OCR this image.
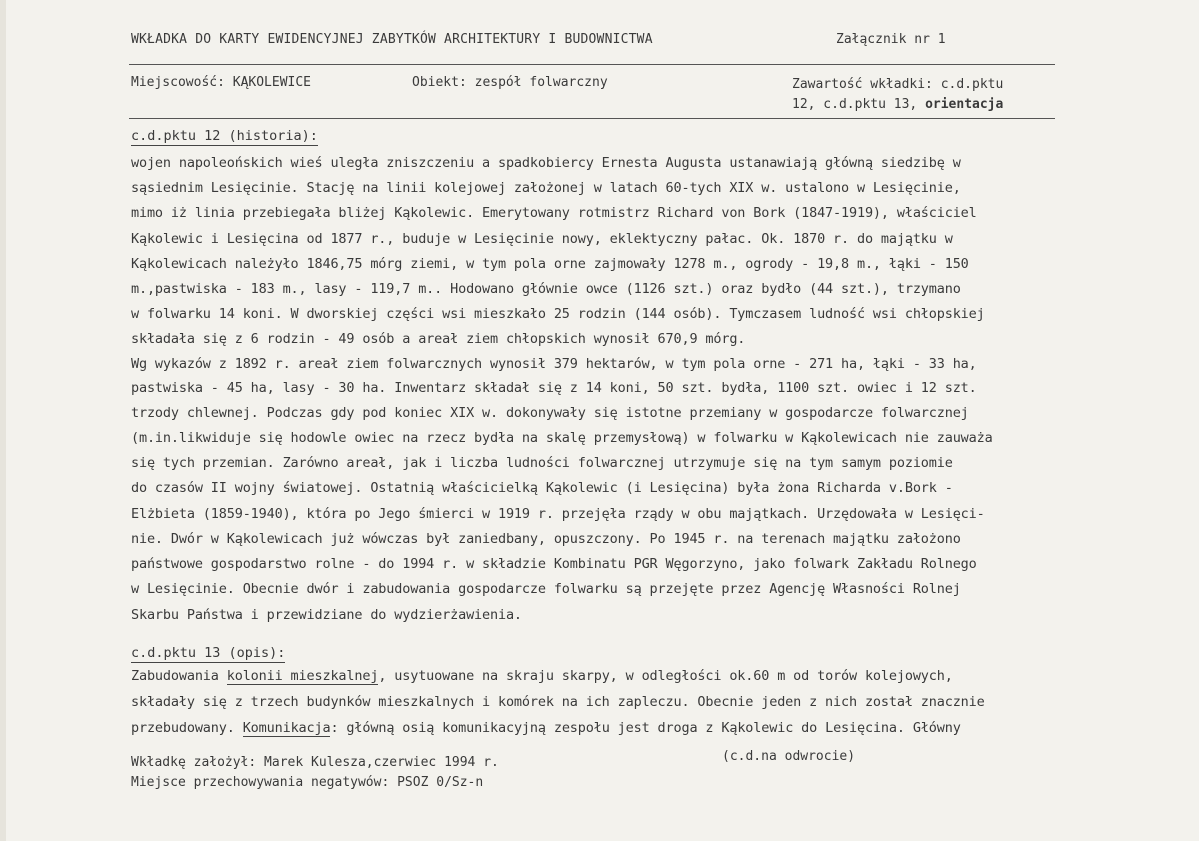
WKŁADKA DO KARTY EWIDENCYJNEJ ZABYTKÓW ARCHITEKTURY I BUDOWNICTWA	Załącznik nr 1
Miejscowość: KĄKOLEWICE	Obiekt: zespół folwarczny	Zawartość wkładki: c.d.pktu
12, c.d.pktu 13, orientacja
c.d.pktu 12 (historia):
wojen napoleońskich wieś uległa zniszczeniu a spadkobiercy Ernesta Augusta ustanawiają główną siedzibę w
sąsiednim Lesięcinie. Stację na linii kolejowej założonej w latach 60-tych XIX w. ustalono w Lesięcinie,
mimo iż linia przebiegała bliżej Kąkolewic. Emerytowany rotmistrz Richard von Bork (1847-1919), właściciel
Kąkolewic i Lesięcina od 1877 r., buduje w Lesięcinie nowy, eklektyczny pałac. Ok. 1870 r. do majątku w
Kąkolewicach należyło 1846,75 mórg ziemi, w tym pola orne zajmowały 1278 m., ogrody - 19,8 m., łąki - 150
m.,pastwiska - 183 m., lasy - 119,7 m.. Hodowano głównie owce (1126 szt.) oraz bydło (44 szt.), trzymano
w folwarku 14 koni. W dworskiej części wsi mieszkało 25 rodzin (144 osób). Tymczasem ludność wsi chłopskiej
składała się z 6 rodzin - 49 osób a areał ziem chłopskich wynosił 670,9 mórg.
Wg wykazów z 1892 r. areał ziem folwarcznych wynosił 379 hektarów, w tym pola orne - 271 ha, łąki - 33 ha,
pastwiska - 45 ha, lasy - 30 ha. Inwentarz składał się z 14 koni, 50 szt. bydła, 1100 szt. owiec i 12 szt.
trzody chlewnej. Podczas gdy pod koniec XIX w. dokonywały się istotne przemiany w gospodarcze folwarcznej
(m.in.likwiduje się hodowle owiec na rzecz bydła na skalę przemysłową) w folwarku w Kąkolewicach nie zauważa
się tych przemian. Zarówno areał, jak i liczba ludności folwarcznej utrzymuje się na tym samym poziomie
do czasów II wojny światowej. Ostatnią właścicielką Kąkolewic (i Lesięcina) była żona Richarda v.Bork -
Elżbieta (1859-1940), która po Jego śmierci w 1919 r. przejęła rządy w obu majątkach. Urzędowała w Lesięci-
nie. Dwór w Kąkolewicach już wówczas był zaniedbany, opuszczony. Po 1945 r. na terenach majątku założono
państwowe gospodarstwo rolne - do 1994 r. w składzie Kombinatu PGR Węgorzyno, jako folwark Zakładu Rolnego
w Lesięcinie. Obecnie dwór i zabudowania gospodarcze folwarku są przejęte przez Agencję Własności Rolnej
Skarbu Państwa i przewidziane do wydzierżawienia.
c.d.pktu 13 (opis):
Zabudowania kolonii mieszkalnej, usytuowane na skraju skarpy, w odległości ok.60 m od torów kolejowych,
składały się z trzech budynków mieszkalnych i komórek na ich zapleczu. Obecnie jeden z nich został znacznie
przebudowany. Komunikacja: główną osią komunikacyjną zespołu jest droga z Kąkolewic do Lesięcina. Główny
Wkładkę założył: Marek Kulesza,czerwiec 1994 r.	(c.d.na odwrocie)
Miejsce przechowywania negatywów: PSOZ 0/Sz-n
